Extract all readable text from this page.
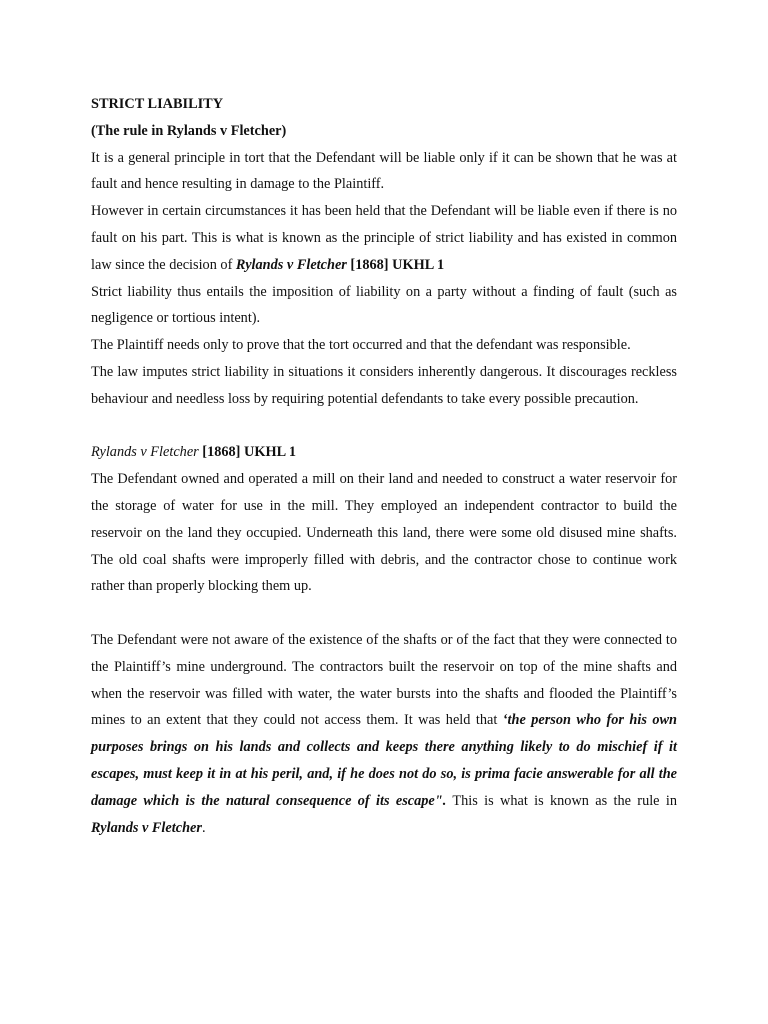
STRICT LIABILITY

(The rule in Rylands v Fletcher)

It is a general principle in tort that the Defendant will be liable only if it can be shown that he was at fault and hence resulting in damage to the Plaintiff.

However in certain circumstances it has been held that the Defendant will be liable even if there is no fault on his part. This is what is known as the principle of strict liability and has existed in common law since the decision of Rylands v Fletcher [1868] UKHL 1

Strict liability thus entails the imposition of liability on a party without a finding of fault (such as negligence or tortious intent).

The Plaintiff needs only to prove that the tort occurred and that the defendant was responsible.

The law imputes strict liability in situations it considers inherently dangerous. It discourages reckless behaviour and needless loss by requiring potential defendants to take every possible precaution.

Rylands v Fletcher [1868] UKHL 1

The Defendant owned and operated a mill on their land and needed to construct a water reservoir for the storage of water for use in the mill. They employed an independent contractor to build the reservoir on the land they occupied. Underneath this land, there were some old disused mine shafts. The old coal shafts were improperly filled with debris, and the contractor chose to continue work rather than properly blocking them up.

The Defendant were not aware of the existence of the shafts or of the fact that they were connected to the Plaintiff’s mine underground. The contractors built the reservoir on top of the mine shafts and when the reservoir was filled with water, the water bursts into the shafts and flooded the Plaintiff’s mines to an extent that they could not access them. It was held that ‘the person who for his own purposes brings on his lands and collects and keeps there anything likely to do mischief if it escapes, must keep it in at his peril, and, if he does not do so, is prima facie answerable for all the damage which is the natural consequence of its escape". This is what is known as the rule in Rylands v Fletcher.
